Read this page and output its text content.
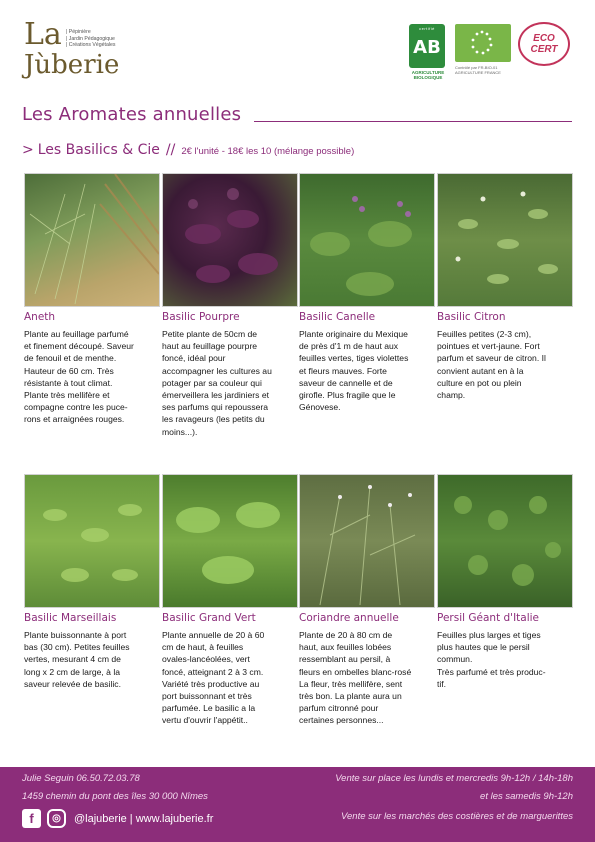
La
Jùberie
| Pépinière
| Jardin Pédagogique
| Créations Végétales
certifié
AB
AGRICULTURE BIOLOGIQUE
Contrôlé par FR-BIO-01 AGRICULTURE FRANCE
ECO
CERT
Les Aromates annuelles
> Les Basilics & Cie // 2€ l'unité - 18€ les 10 (mélange possible)
Aneth
Plante au feuillage parfumé
et finement découpé. Saveur
de fenouil et de menthe.
Hauteur de 60 cm. Très
résistante à tout climat.
Plante très mellifère et
compagne contre les puce-
rons et arraignées rouges.
Basilic Pourpre
Petite plante de 50cm de
haut au feuillage pourpre
foncé, idéal pour
accompagner les cultures au
potager par sa couleur qui
émerveillera les jardiniers et
ses parfums qui repoussera
les ravageurs (les petits du
moins...).
Basilic Canelle
Plante originaire du Mexique
de près d'1 m de haut aux
feuilles vertes, tiges violettes
et fleurs mauves. Forte
saveur de cannelle et de
girofle. Plus fragile que le
Génovese.
Basilic Citron
Feuilles petites (2-3 cm),
pointues et vert-jaune. Fort
parfum et saveur de citron. Il
convient autant en à la
culture en pot ou plein
champ.
Basilic Marseillais
Plante buissonnante à port
bas (30 cm). Petites feuilles
vertes, mesurant 4 cm de
long x 2 cm de large, à la
saveur relevée de basilic.
Basilic Grand Vert
Plante annuelle de 20 à 60
cm de haut, à feuilles
ovales-lancéolées, vert
foncé, atteignant 2 à 3 cm.
Variété très productive au
port buissonnant et très
parfumée. Le basilic a la
vertu d'ouvrir l'appétit..
Coriandre annuelle
Plante de 20 à 80 cm de
haut, aux feuilles lobées
ressemblant au persil, à
fleurs en ombelles blanc-rosé
La fleur, très mellifère, sent
très bon. La plante aura un
parfum citronné pour
certaines personnes...
Persil Géant d'Italie
Feuilles plus larges et tiges
plus hautes que le persil
commun.
Très parfumé et très produc-
tif.
Julie Seguin 06.50.72.03.78
1459 chemin du pont des îles 30 000 Nîmes
f	◎	@lajuberie | www.lajuberie.fr
Vente sur place les lundis et mercredis 9h-12h / 14h-18h
et les samedis 9h-12h
Vente sur les marchés des costières et de marguerittes
